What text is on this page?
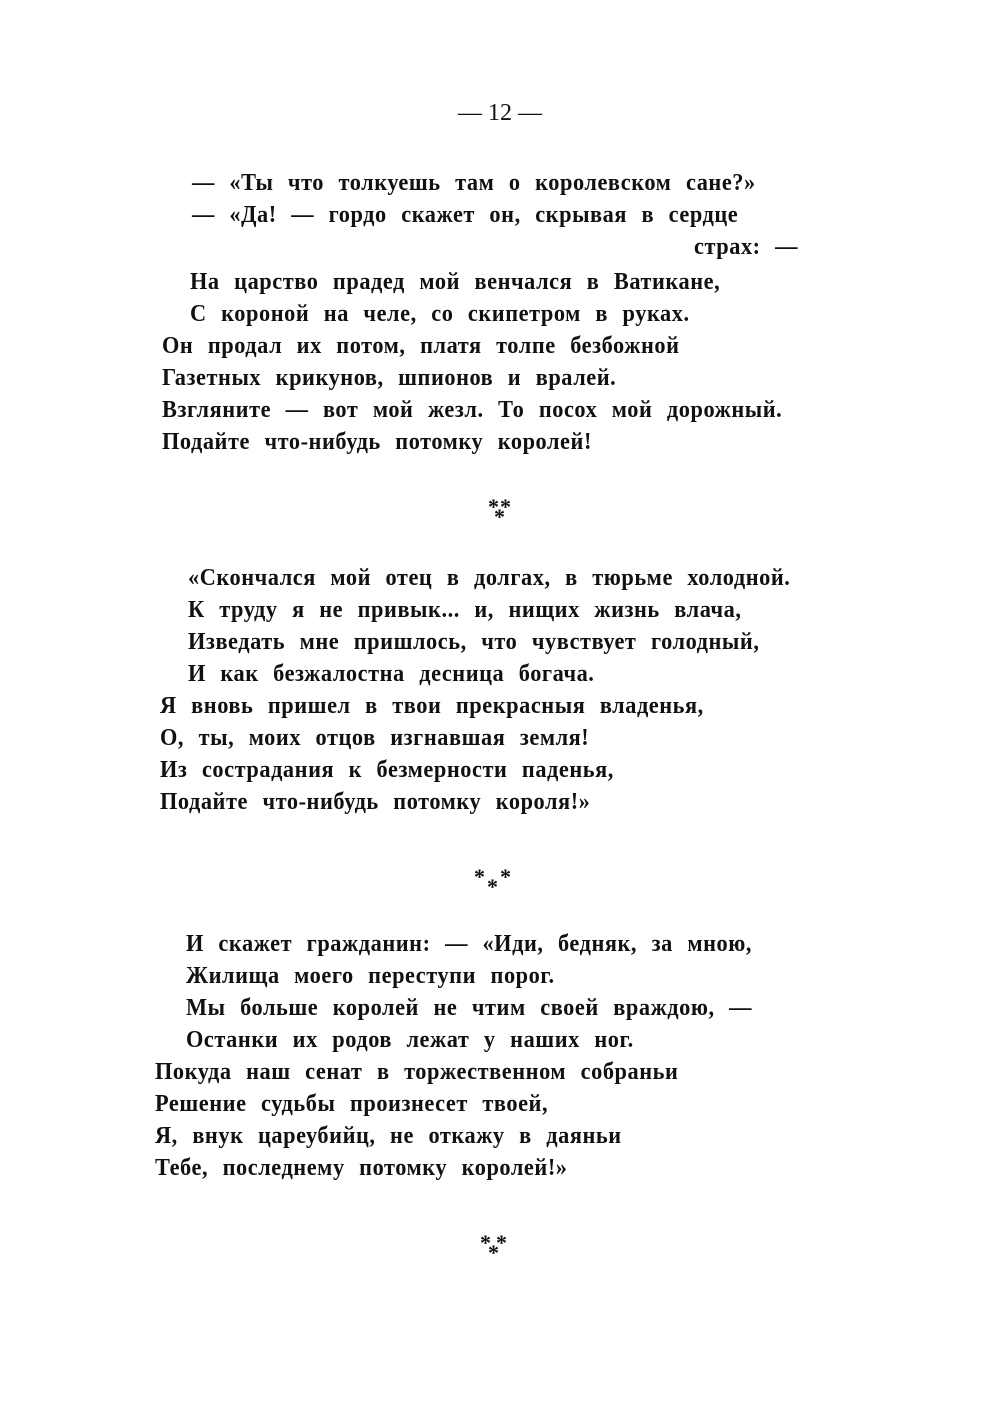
— 12 —
— «Ты что толкуешь там о королевском сане?»
— «Да! — гордо скажет он, скрывая в сердце
страх: —
На царство прадед мой венчался в Ватикане,
С короной на челе, со скипетром в руках.
Он продал их потом, платя толпе безбожной
Газетных крикунов, шпионов и вралей.
Взгляните — вот мой жезл. То посох мой дорожный.
Подайте что-нибудь потомку королей!
* *
*
«Скончался мой отец в долгах, в тюрьме холодной.
К труду я не привык... и, нищих жизнь влача,
Изведать мне пришлось, что чувствует голодный,
И как безжалостна десница богача.
Я вновь пришел в твои прекрасныя владенья,
О, ты, моих отцов изгнавшая земля!
Из сострадания к безмерности паденья,
Подайте что-нибудь потомку короля!»
* *
*
И скажет гражданин: — «Иди, бедняк, за мною,
Жилища моего переступи порог.
Мы больше королей не чтим своей враждою, —
Останки их родов лежат у наших ног.
Покуда наш сенат в торжественном собраньи
Решение судьбы произнесет твоей,
Я, внук цареубийц, не откажу в даяньи
Тебе, последнему потомку королей!»
* *
*
